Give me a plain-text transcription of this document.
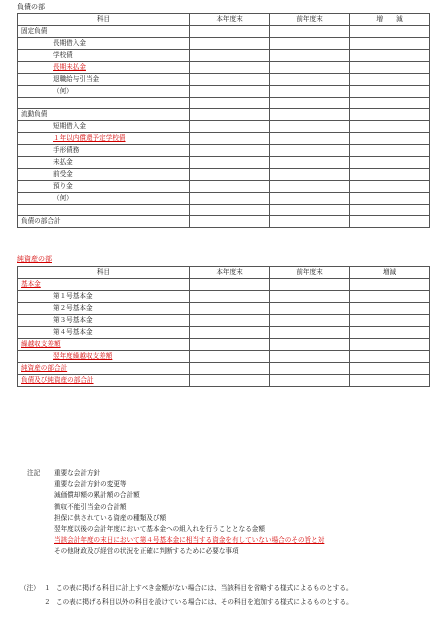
負債の部
科目	本年度末	前年度末	増　　減
固定負債			
長期借入金			
学校債			
長期未払金			
退職給与引当金			
（何）			

流動負債			
短期借入金			
１年以内償還予定学校債			
手形債務			
未払金			
前受金			
預り金			
（何）			

負債の部合計			
純資産の部
科目	本年度末	前年度末	増減
基本金			
第１号基本金			
第２号基本金			
第３号基本金			
第４号基本金			
繰越収支差額			
翌年度繰越収支差額			
純資産の部合計			
負債及び純資産の部合計			
注記 重要な会計方針
重要な会計方針の変更等
減価償却額の累計額の合計額
徴収不能引当金の合計額
担保に供されている資産の種類及び額
翌年度以後の会計年度において基本金への組入れを行うこととなる金額
当該会計年度の末日において第４号基本金に相当する資金を有していない場合のその旨と対
その他財政及び経営の状況を正確に判断するために必要な事項
（注） １ この表に掲げる科目に計上すべき金額がない場合には、当該科目を省略する様式によるものとする。
２ この表に掲げる科目以外の科目を設けている場合には、その科目を追加する様式によるものとする。
